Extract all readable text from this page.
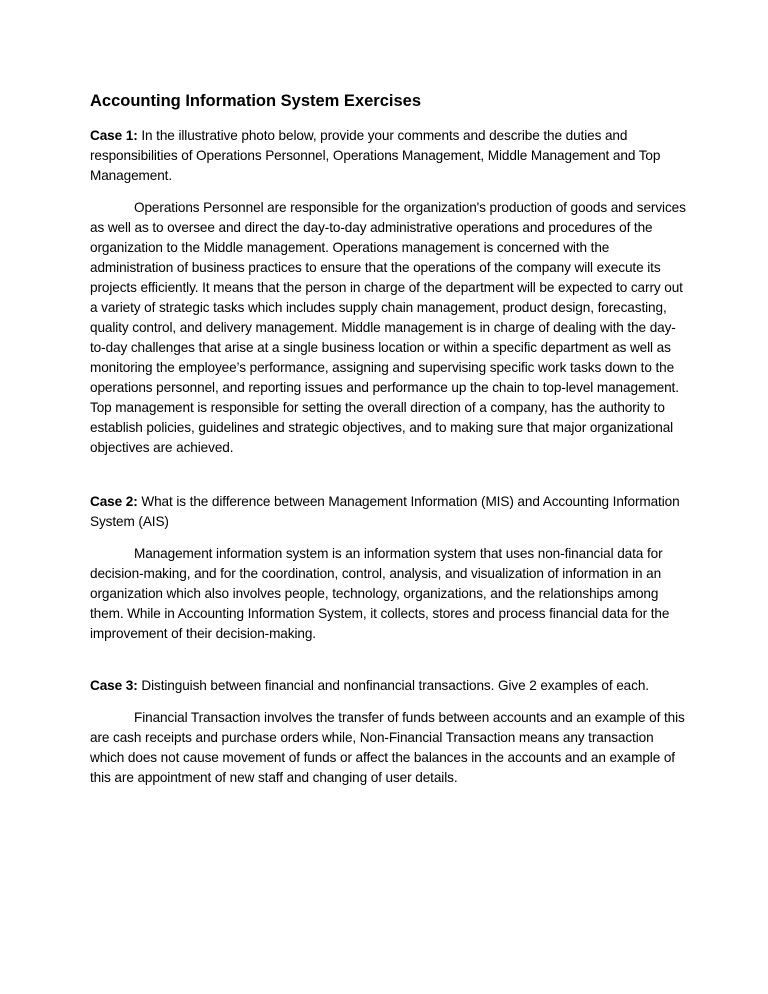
Accounting Information System Exercises

Case 1: In the illustrative photo below, provide your comments and describe the duties and responsibilities of Operations Personnel, Operations Management, Middle Management and Top Management.

Operations Personnel are responsible for the organization's production of goods and services as well as to oversee and direct the day-to-day administrative operations and procedures of the organization to the Middle management. Operations management is concerned with the administration of business practices to ensure that the operations of the company will execute its projects efficiently. It means that the person in charge of the department will be expected to carry out a variety of strategic tasks which includes supply chain management, product design, forecasting, quality control, and delivery management. Middle management is in charge of dealing with the day-to-day challenges that arise at a single business location or within a specific department as well as monitoring the employee’s performance, assigning and supervising specific work tasks down to the operations personnel, and reporting issues and performance up the chain to top-level management. Top management is responsible for setting the overall direction of a company, has the authority to establish policies, guidelines and strategic objectives, and to making sure that major organizational objectives are achieved.

Case 2: What is the difference between Management Information (MIS) and Accounting Information System (AIS)

Management information system is an information system that uses non-financial data for decision-making, and for the coordination, control, analysis, and visualization of information in an organization which also involves people, technology, organizations, and the relationships among them. While in Accounting Information System, it collects, stores and process financial data for the improvement of their decision-making.

Case 3: Distinguish between financial and nonfinancial transactions. Give 2 examples of each.

Financial Transaction involves the transfer of funds between accounts and an example of this are cash receipts and purchase orders while, Non-Financial Transaction means any transaction which does not cause movement of funds or affect the balances in the accounts and an example of this are appointment of new staff and changing of user details.
